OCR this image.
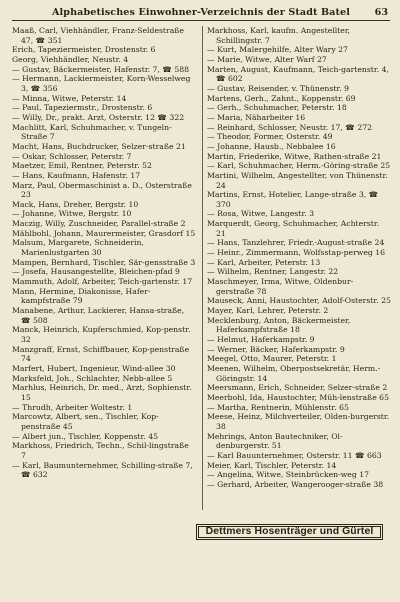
Alphabetisches Einwohner-Verzeichnis der Stadt Batel	63
Maaß, Carl, Viehhändler, Franz-Seldestraße 47, ☎ 351
Erich, Tapeziermeister, Drostenstr. 6
Georg, Viehhändler, Neustr. 4
— Gustav, Bäckermeister, Hafenstr. 7, ☎ 588
— Hermann, Lackiermeister, Korn-Wesselweg 3, ☎ 356
— Minna, Witwe, Peterstr. 14
— Paul, Tapeziermstr., Drostenstr. 6
— Willy, Dr., prakt. Arzt, Osterstr. 12 ☎ 322
Machlitt, Karl, Schuhmacher, v. Tungeln-Straße 7
Macht, Hans, Buchdrucker, Selzer-straße 21
— Oskar, Schlosser, Peterstr. 7
Maetzer, Emil, Rentner, Peterstr. 52
— Hans, Kaufmann, Hafenstr. 17
Marz, Paul, Obermaschinist a. D., Osterstraße 23
Mack, Hans, Dreher, Bergstr. 10
— Johanne, Witwe, Bergstr. 10
Maczig, Willy, Zuschneider, Parallel-straße 2
Mählbohl, Johann, Maurermeister, Grasdorf 15
Malsum, Margarete, Schneiderin, Marienlustgarten 30
Mampen, Bernhard, Tischler, Sär-gensstraße 3
— Josefa, Hausangestellte, Bleichen-pfad 9
Mammuth, Adolf, Arbeiter, Teich-gartenstr. 17
Mann, Hermine, Diakonisse, Hafer-kampfstraße 79
Manabene, Arthur, Lackierer, Hansa-straße, ☎ 508
Manck, Heinrich, Kupferschmied, Kop-penstr. 32
Manzgraff, Ernst, Schiffbauer, Kop-penstraße 74
Marfert, Hubert, Ingenieur, Wind-allee 30
Marksfeld, Joh., Schlachter, Nebb-allee 5
Marhlus, Heinrich, Dr. med., Arzt, Sophienstr. 15
— Thrudh, Arbeiter Woltestr. 1
Marcowtz, Albert, sen., Tischler, Kop-penstraße 45
— Albert jun., Tischler, Koppenstr. 45
Markhoss, Friedrich, Techn., Schil-lingstraße 7
— Karl, Baumunternehmer, Schilling-straße 7, ☎ 632
Markhoss, Karl, kaufm. Angestellter, Schillingstr. 7
— Kurt, Malergehilfe, Alter Wary 27
— Marie, Witwe, Alter Warf 27
Marten, August, Kaufmann, Teich-gartenstr. 4, ☎ 602
— Gustav, Reisender, v. Thünenstr. 9
Martens, Gerh., Zahnt., Koppenstr. 69
— Gerh., Schuhmacher, Peterstr. 18
— Maria, Näharbeiter 16
— Reinhard, Schlosser, Neustr. 17, ☎ 272
— Theodor, Former, Osterstr. 49
— Johanne, Hausb., Nebbalee 16
Martin, Friederike, Witwe, Rathen-straße 21
— Karl, Schuhmacher, Herm.-Göring-straße 25
Martini, Wilhelm, Angestellter, von Thünenstr. 24
Martins, Ernst, Hotelier, Lange-straße 3, ☎ 370
— Rosa, Witwe, Langestr. 3
Marquerdt, Georg, Schuhmacher, Achterstr. 21
— Hans, Tanzlehrer, Friedr.-August-straße 24
— Heinr., Zimmermann, Wolfsstap-perweg 16
— Karl, Arbeiter, Peterstr. 13
— Wilhelm, Rentner, Langestr. 22
Maschmeyer, Irma, Witwe, Oldenbur-gerstraße 78
Mauseck, Anni, Haustochter, Adolf-Osterstr. 25
Mayer, Karl, Lehrer, Peterstr. 2
Mecklenburg, Anton, Bäckermeister, Haferkampfstraße 18
— Helmut, Haferkampstr. 9
— Werner, Bäcker, Haferkampstr. 9
Meegel, Otto, Maurer, Peterstr. 1
Meenen, Wilhelm, Oberpostsekretär, Herm.-Göringstr. 14
Meersmann, Erich, Schneider, Selzer-straße 2
Meerbohl, Ida, Haustochter, Müh-lenstraße 65
— Martha, Rentnerin, Mühlenstr. 65
Meese, Heinz, Milchverteiler, Olden-burgerstr. 38
Mehrings, Anton Bautechniker, Ol-denburgerstr. 51
— Karl Bauunternehmer, Osterstr. 11 ☎ 663
Meier, Karl, Tischler, Peterstr. 14
— Angelina, Witwe, Steinbrücken-weg 17
— Gerhard, Arbeiter, Wangerooger-straße 38
Dettmers Hosenträger und Gürtel
